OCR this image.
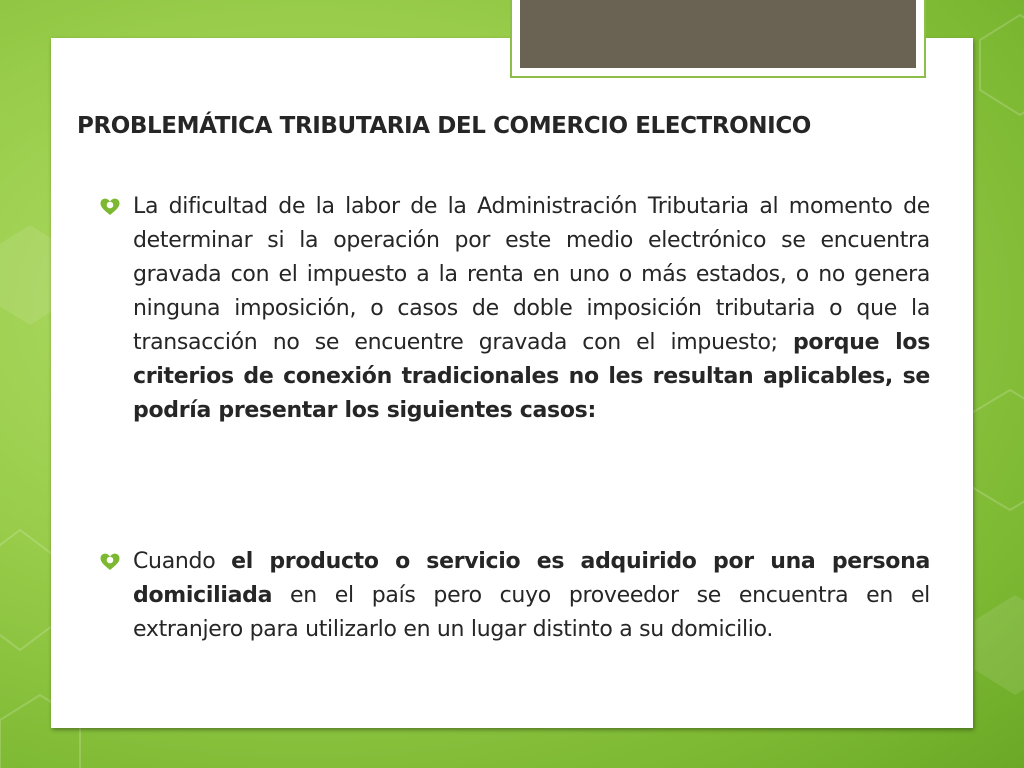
PROBLEMÁTICA TRIBUTARIA DEL COMERCIO ELECTRONICO
La dificultad de la labor de la Administración Tributaria al momento de determinar si la operación por este medio electrónico se encuentra gravada con el impuesto a la renta en uno o más estados, o no genera ninguna imposición, o casos de doble imposición tributaria o que la transacción no se encuentre gravada con el impuesto; porque los criterios de conexión tradicionales no les resultan aplicables, se podría presentar los siguientes casos:
Cuando el producto o servicio es adquirido por una persona domiciliada en el país pero cuyo proveedor se encuentra en el extranjero para utilizarlo en un lugar distinto a su domicilio.
